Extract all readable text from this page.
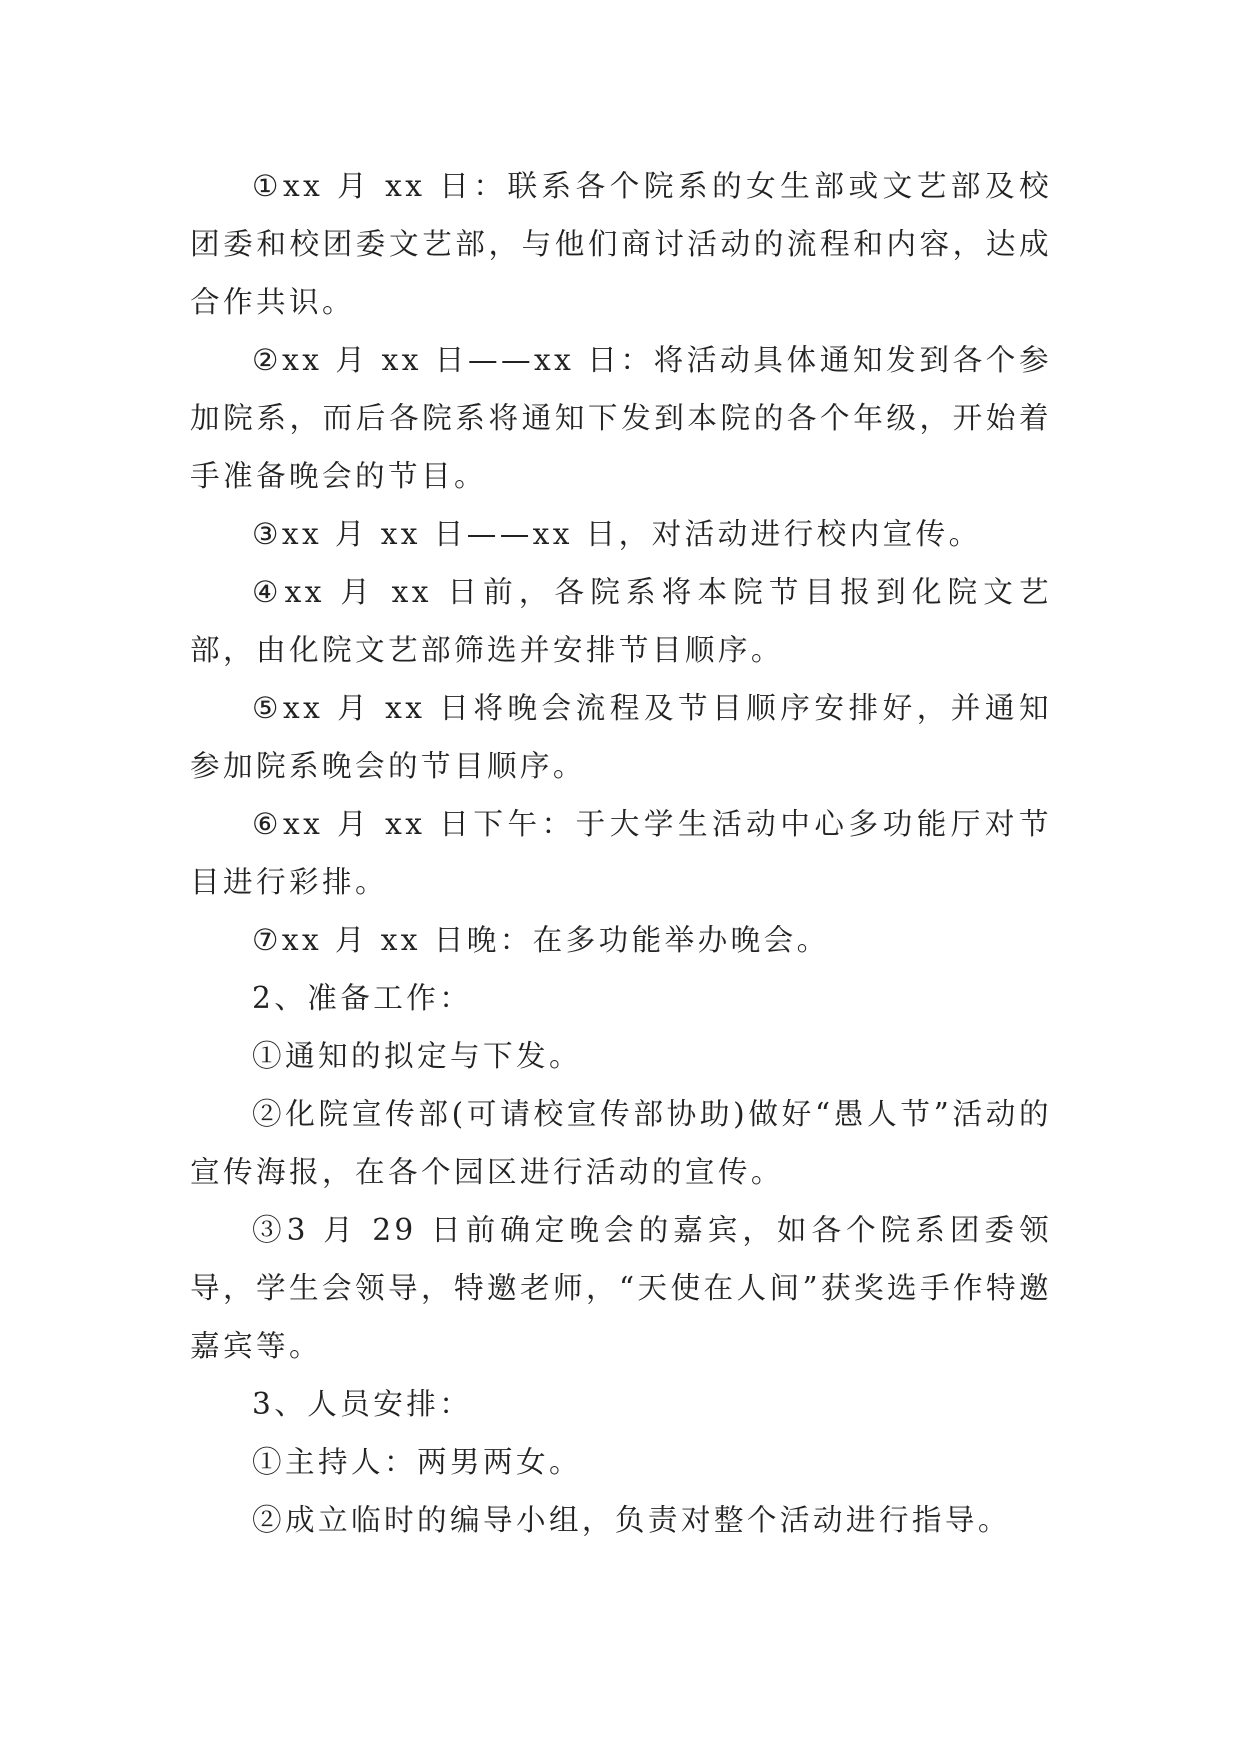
①xx 月 xx 日：联系各个院系的女生部或文艺部及校团委和校团委文艺部，与他们商讨活动的流程和内容，达成合作共识。

②xx 月 xx 日——xx 日：将活动具体通知发到各个参加院系，而后各院系将通知下发到本院的各个年级，开始着手准备晚会的节目。

③xx 月 xx 日——xx 日，对活动进行校内宣传。

④xx 月 xx 日前，各院系将本院节目报到化院文艺部，由化院文艺部筛选并安排节目顺序。

⑤xx 月 xx 日将晚会流程及节目顺序安排好，并通知参加院系晚会的节目顺序。

⑥xx 月 xx 日下午：于大学生活动中心多功能厅对节目进行彩排。

⑦xx 月 xx 日晚：在多功能举办晚会。

2、准备工作：

①通知的拟定与下发。

②化院宣传部(可请校宣传部协助)做好“愚人节”活动的宣传海报，在各个园区进行活动的宣传。

③3 月 29 日前确定晚会的嘉宾，如各个院系团委领导，学生会领导，特邀老师，“天使在人间”获奖选手作特邀嘉宾等。

3、人员安排：

①主持人：两男两女。

②成立临时的编导小组，负责对整个活动进行指导。
